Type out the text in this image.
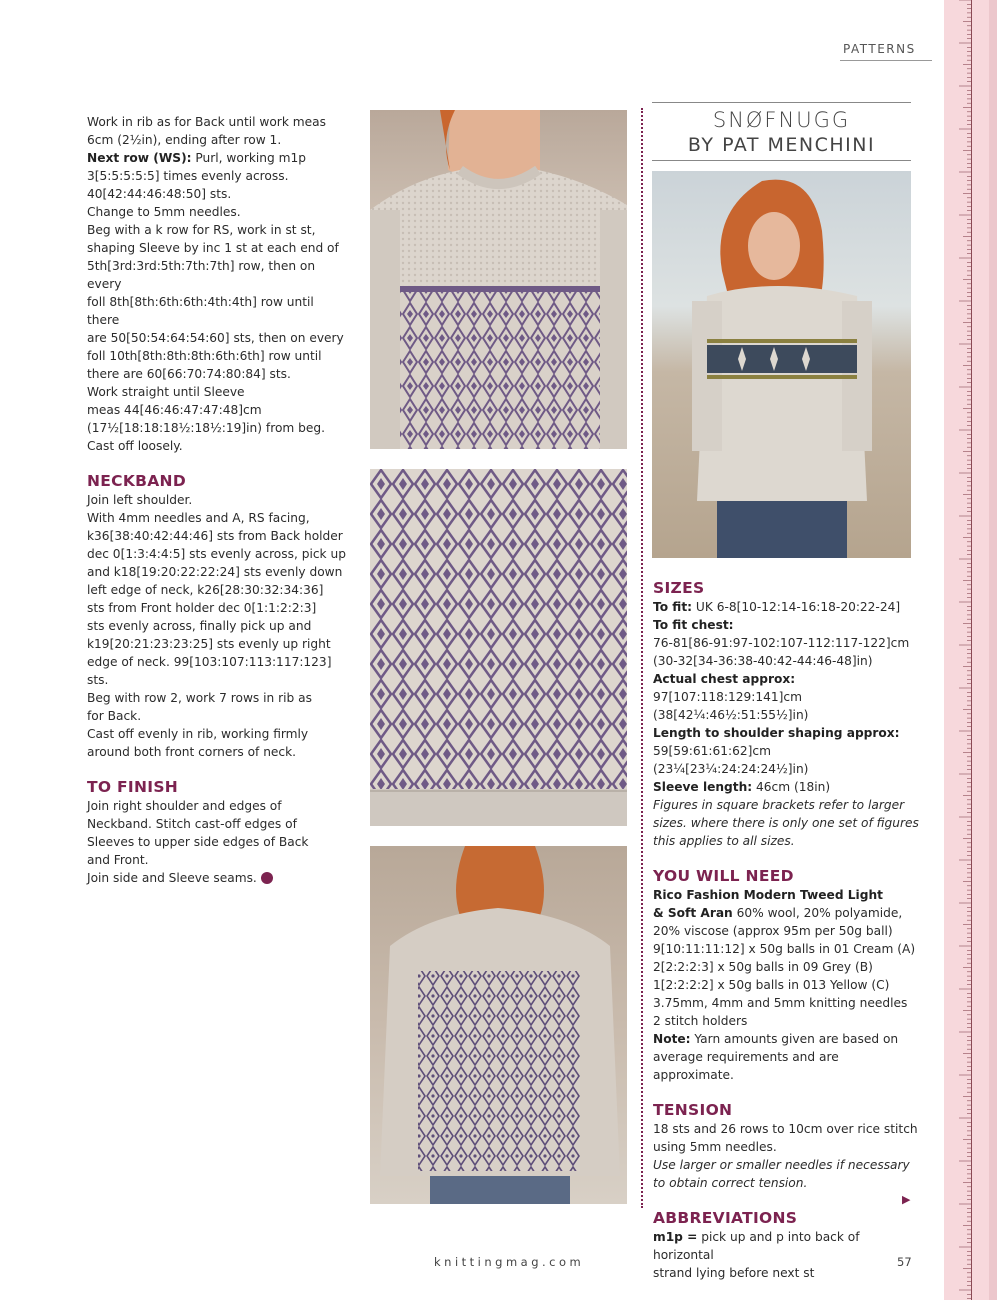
PATTERNS

Work in rib as for Back until work meas

6cm (2½in), ending after row 1.

Next row (WS): Purl, working m1p

3[5:5:5:5:5] times evenly across.

40[42:44:46:48:50] sts.

Change to 5mm needles.

Beg with a k row for RS, work in st st,

shaping Sleeve by inc 1 st at each end of

5th[3rd:3rd:5th:7th:7th] row, then on every

foll 8th[8th:6th:6th:4th:4th] row until there

are 50[50:54:64:54:60] sts, then on every

foll 10th[8th:8th:8th:6th:6th] row until

there are 60[66:70:74:80:84] sts.

Work straight until Sleeve

meas 44[46:46:47:47:48]cm

(17½[18:18:18½:18½:19]in) from beg.

Cast off loosely.

NECKBAND

Join left shoulder.

With 4mm needles and A, RS facing,

k36[38:40:42:44:46] sts from Back holder

dec 0[1:3:4:4:5] sts evenly across, pick up

and k18[19:20:22:22:24] sts evenly down

left edge of neck, k26[28:30:32:34:36]

sts from Front holder dec 0[1:1:2:2:3]

sts evenly across, finally pick up and

k19[20:21:23:23:25] sts evenly up right

edge of neck. 99[103:107:113:117:123] sts.

Beg with row 2, work 7 rows in rib as

for Back.

Cast off evenly in rib, working firmly

around both front corners of neck.

TO FINISH

Join right shoulder and edges of

Neckband. Stitch cast-off edges of

Sleeves to upper side edges of Back

and Front.

Join side and Sleeve seams.

SNØFNUGG
BY PAT MENCHINI
SIZES

To fit: UK 6-8[10-12:14-16:18-20:22-24]

To fit chest:

76-81[86-91:97-102:107-112:117-122]cm

(30-32[34-36:38-40:42-44:46-48]in)

Actual chest approx: 97[107:118:129:141]cm

(38[42¼:46½:51:55½]in)

Length to shoulder shaping approx:

59[59:61:61:62]cm (23¼[23¼:24:24:24½]in)

Sleeve length: 46cm (18in)

Figures in square brackets refer to larger

sizes. where there is only one set of figures

this applies to all sizes.

YOU WILL NEED

Rico Fashion Modern Tweed Light

& Soft Aran 60% wool, 20% polyamide,

20% viscose (approx 95m per 50g ball)

9[10:11:11:12] x 50g balls in 01 Cream (A)

2[2:2:2:3] x 50g balls in 09 Grey (B)

1[2:2:2:2] x 50g balls in 013 Yellow (C)

3.75mm, 4mm and 5mm knitting needles

2 stitch holders

Note: Yarn amounts given are based on

average requirements and are approximate.

TENSION

18 sts and 26 rows to 10cm over rice stitch

using 5mm needles.

Use larger or smaller needles if necessary

to obtain correct tension.

ABBREVIATIONS

m1p = pick up and p into back of horizontal

strand lying before next st

▶
knittingmag.com	57
